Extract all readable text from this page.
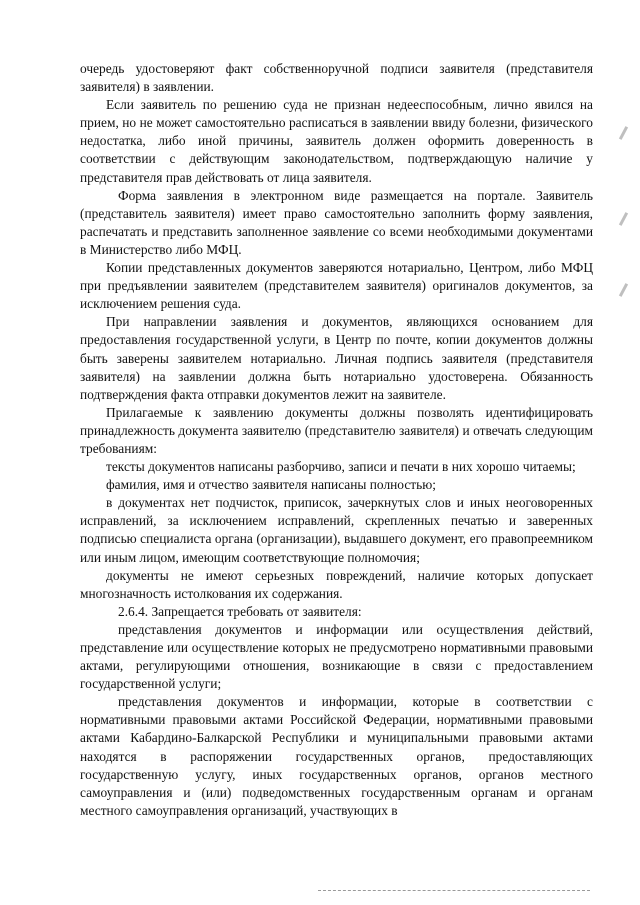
очередь удостоверяют факт собственноручной подписи заявителя (представителя заявителя) в заявлении.

Если заявитель по решению суда не признан недееспособным, лично явился на прием, но не может самостоятельно расписаться в заявлении ввиду болезни, физического недостатка, либо иной причины, заявитель должен оформить доверенность в соответствии с действующим законодательством, подтверждающую наличие у представителя прав действовать от лица заявителя.

Форма заявления в электронном виде размещается на портале. Заявитель (представитель заявителя) имеет право самостоятельно заполнить форму заявления, распечатать и представить заполненное заявление со всеми необходимыми документами в Министерство либо МФЦ.

Копии представленных документов заверяются нотариально, Центром, либо МФЦ при предъявлении заявителем (представителем заявителя) оригиналов документов, за исключением решения суда.

При направлении заявления и документов, являющихся основанием для предоставления государственной услуги, в Центр по почте, копии документов должны быть заверены заявителем нотариально. Личная подпись заявителя (представителя заявителя) на заявлении должна быть нотариально удостоверена. Обязанность подтверждения факта отправки документов лежит на заявителе.

Прилагаемые к заявлению документы должны позволять идентифицировать принадлежность документа заявителю (представителю заявителя) и отвечать следующим требованиям:

тексты документов написаны разборчиво, записи и печати в них хорошо читаемы;

фамилия, имя и отчество заявителя написаны полностью;

в документах нет подчисток, приписок, зачеркнутых слов и иных неоговоренных исправлений, за исключением исправлений, скрепленных печатью и заверенных подписью специалиста органа (организации), выдавшего документ, его правопреемником или иным лицом, имеющим соответствующие полномочия;

документы не имеют серьезных повреждений, наличие которых допускает многозначность истолкования их содержания.

2.6.4. Запрещается требовать от заявителя:

представления документов и информации или осуществления действий, представление или осуществление которых не предусмотрено нормативными правовыми актами, регулирующими отношения, возникающие в связи с предоставлением государственной услуги;

представления документов и информации, которые в соответствии с нормативными правовыми актами Российской Федерации, нормативными правовыми актами Кабардино-Балкарской Республики и муниципальными правовыми актами находятся в распоряжении государственных органов, предоставляющих государственную услугу, иных государственных органов, органов местного самоуправления и (или) подведомственных государственным органам и органам местного самоуправления организаций, участвующих в
